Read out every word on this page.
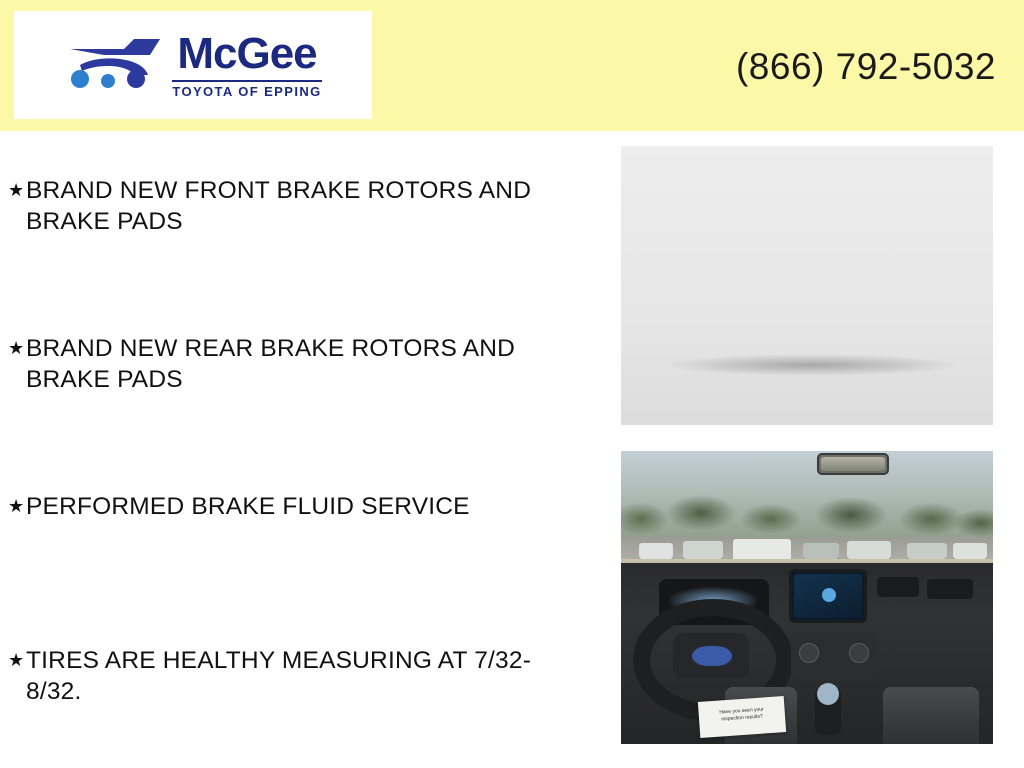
McGee
TOYOTA OF EPPING
(866) 792-5032
★ BRAND NEW FRONT BRAKE ROTORS AND BRAKE PADS
★ BRAND NEW REAR BRAKE ROTORS AND BRAKE PADS
★ PERFORMED BRAKE FLUID SERVICE
★ TIRES ARE HEALTHY MEASURING AT 7/32-8/32.
Have you seen your
inspection results?
